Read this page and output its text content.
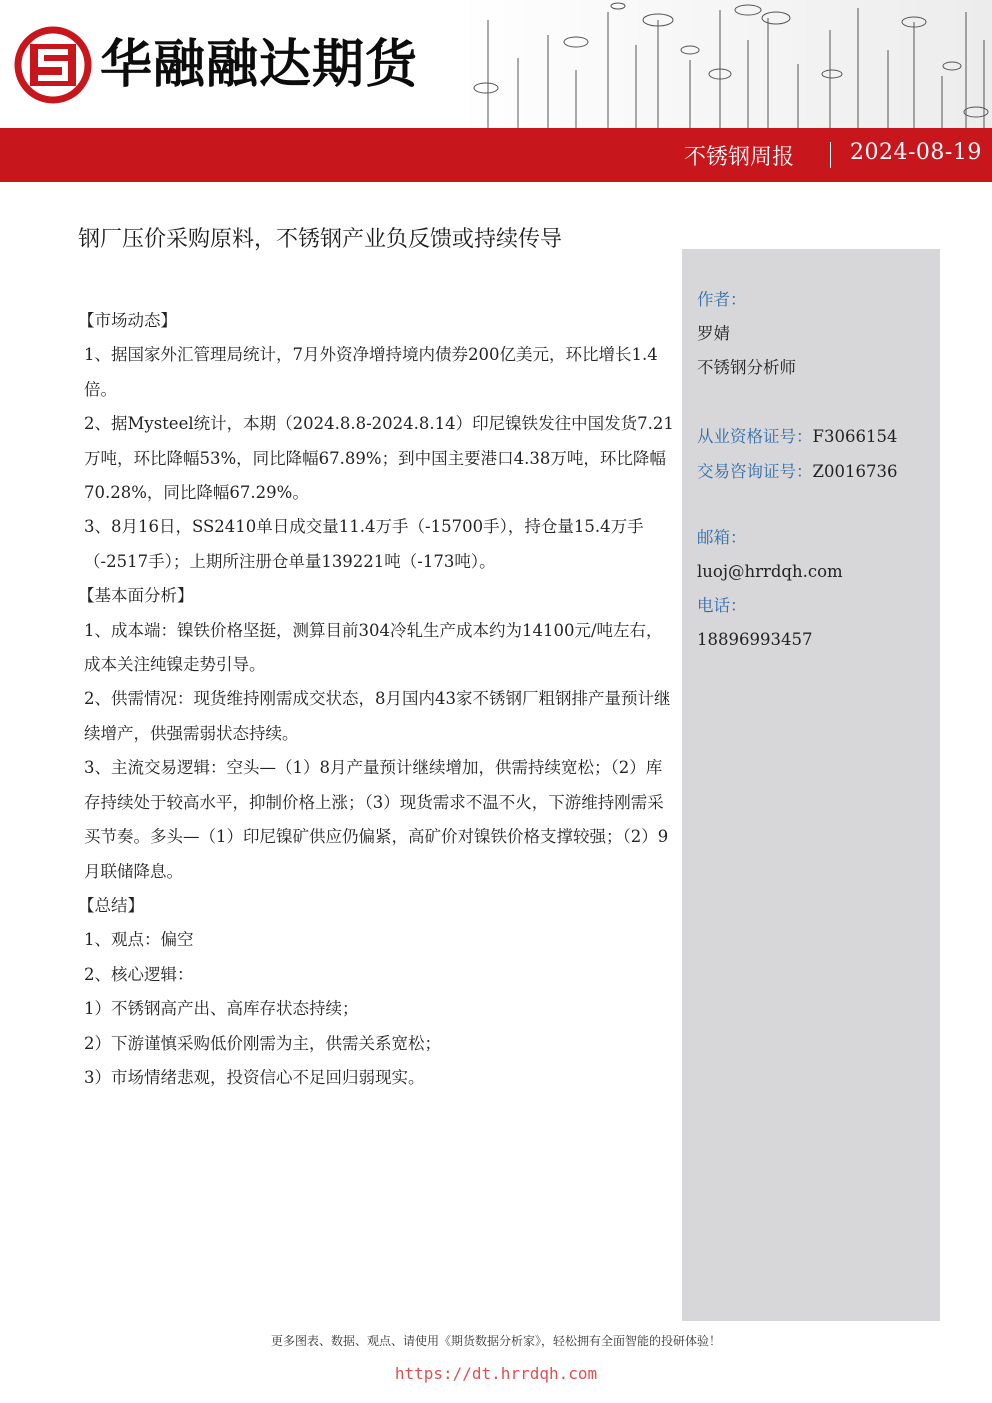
华融融达期货
不锈钢周报	2024-08-19
钢厂压价采购原料，不锈钢产业负反馈或持续传导

【市场动态】

1、据国家外汇管理局统计，7月外资净增持境内债券200亿美元，环比增长1.4倍。

2、据Mysteel统计，本期（2024.8.8-2024.8.14）印尼镍铁发往中国发货7.21万吨，环比降幅53%，同比降幅67.89%；到中国主要港口4.38万吨，环比降幅70.28%，同比降幅67.29%。

3、8月16日，SS2410单日成交量11.4万手（-15700手），持仓量15.4万手（-2517手）；上期所注册仓单量139221吨（-173吨）。

【基本面分析】

1、成本端：镍铁价格坚挺，测算目前304冷轧生产成本约为14100元/吨左右，成本关注纯镍走势引导。

2、供需情况：现货维持刚需成交状态，8月国内43家不锈钢厂粗钢排产量预计继续增产，供强需弱状态持续。

3、主流交易逻辑：空头—（1）8月产量预计继续增加，供需持续宽松；（2）库存持续处于较高水平，抑制价格上涨；（3）现货需求不温不火，下游维持刚需采买节奏。多头—（1）印尼镍矿供应仍偏紧，高矿价对镍铁价格支撑较强；（2）9月联储降息。

【总结】

1、观点：偏空

2、核心逻辑：

1）不锈钢高产出、高库存状态持续；

2）下游谨慎采购低价刚需为主，供需关系宽松；

3）市场情绪悲观，投资信心不足回归弱现实。

作者：
罗婧
不锈钢分析师
从业资格证号：F3066154
交易咨询证号：Z0016736
邮箱：
luoj@hrrdqh.com
电话：
18896993457
更多图表、数据、观点、请使用《期货数据分析家》，轻松拥有全面智能的投研体验！
https://dt.hrrdqh.com
